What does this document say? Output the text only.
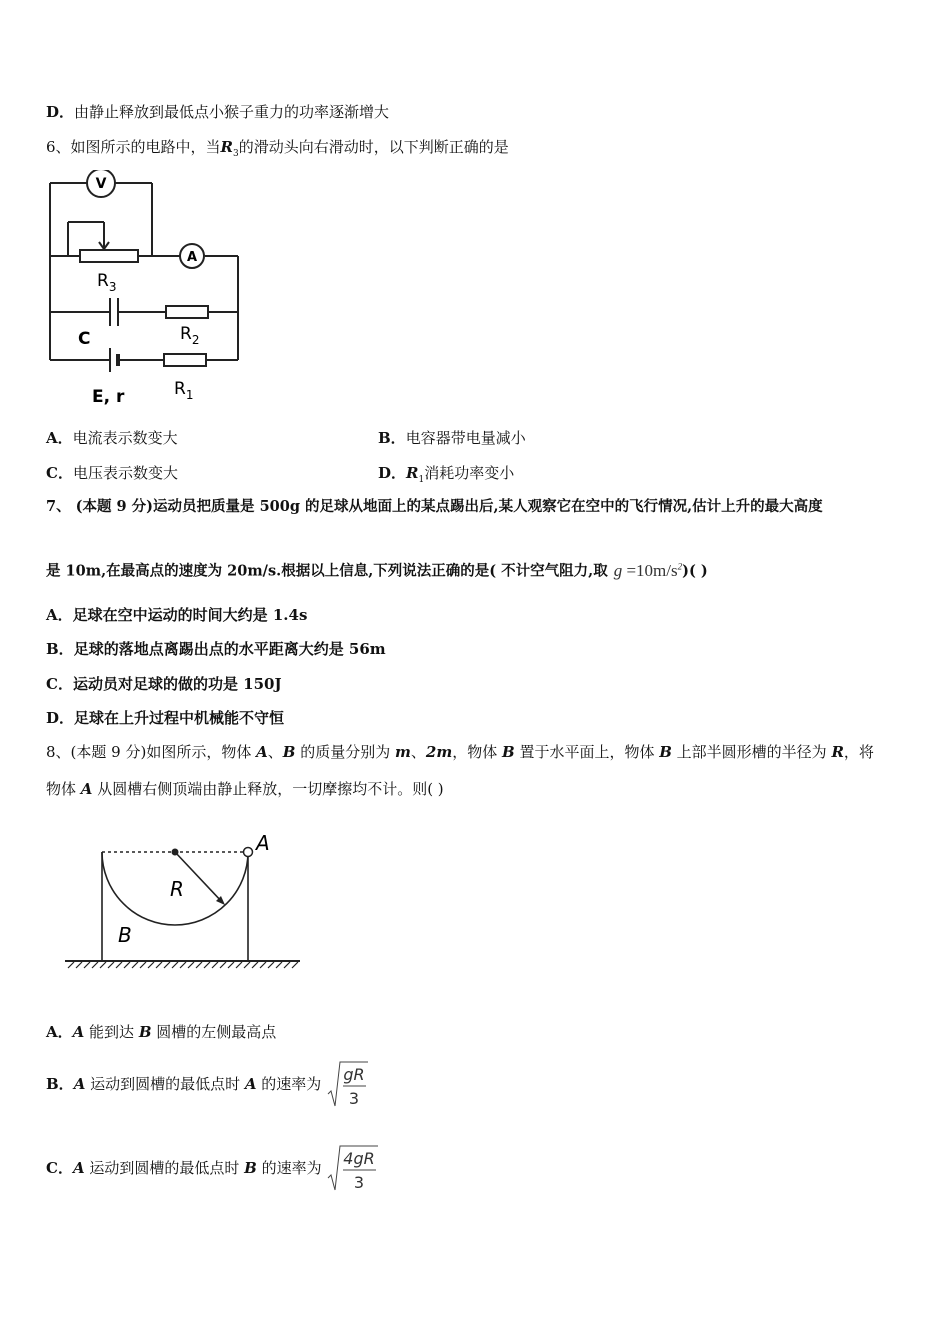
D．由静止释放到最低点小猴子重力的功率逐渐增大
6、如图所示的电路中，当$R_3$的滑动头向右滑动时，以下判断正确的是
V
A
$R_3$
C	$R_2$
E, r	$R_1$
A．电流表示数变大	B．电容器带电量减小
C．电压表示数变大	D．$R_1$消耗功率变小
7、 (本题 9 分)运动员把质量是 500g 的足球从地面上的某点踢出后,某人观察它在空中的飞行情况,估计上升的最大高度
是 10m,在最高点的速度为 20m/s.根据以上信息,下列说法正确的是( 不计空气阻力,取 $g =10m/s^2$)( )
A．足球在空中运动的时间大约是 1.4s
B．足球的落地点离踢出点的水平距离大约是 56m
C．运动员对足球的做的功是 150J
D．足球在上升过程中机械能不守恒
8、(本题 9 分)如图所示，物体 A、B 的质量分别为 m、2m，物体 B 置于水平面上，物体 B 上部半圆形槽的半径为 R，将
物体 A 从圆槽右侧顶端由静止释放，一切摩擦均不计。则( )
A
R
B
A．A 能到达 B 圆槽的左侧最高点
B．A 运动到圆槽的最低点时 A 的速率为 gR
3
C．A 运动到圆槽的最低点时 B 的速率为 4gR
3
